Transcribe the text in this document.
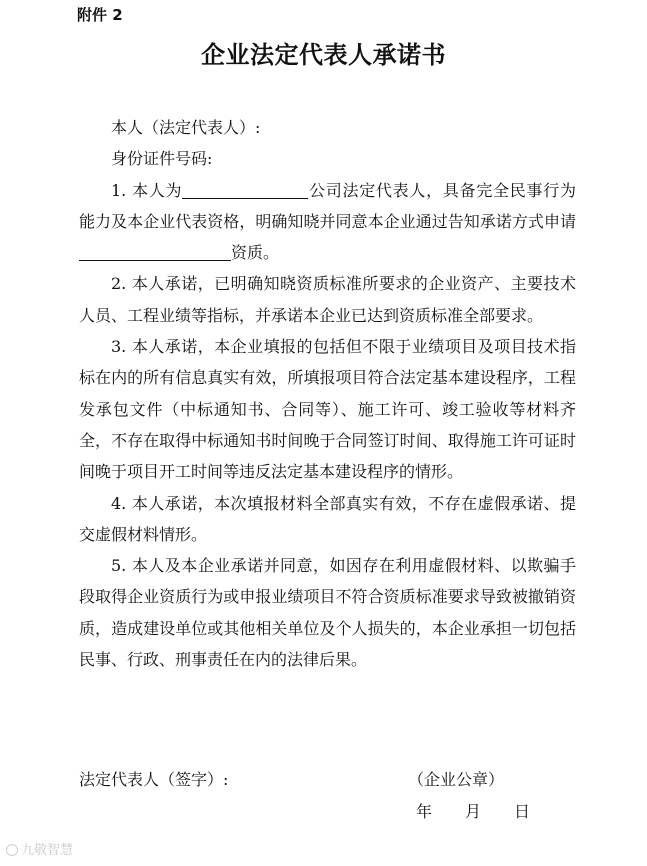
附件 2

企业法定代表人承诺书

本人（法定代表人）:

身份证件号码:

1. 本人为	公司法定代表人，具备完全民事行为能力及本企业代表资格，明确知晓并同意本企业通过告知承诺方式申请资质。

2. 本人承诺，已明确知晓资质标准所要求的企业资产、主要技术人员、工程业绩等指标，并承诺本企业已达到资质标准全部要求。

3. 本人承诺，本企业填报的包括但不限于业绩项目及项目技术指标在内的所有信息真实有效，所填报项目符合法定基本建设程序，工程发承包文件（中标通知书、合同等）、施工许可、竣工验收等材料齐全，不存在取得中标通知书时间晚于合同签订时间、取得施工许可证时间晚于项目开工时间等违反法定基本建设程序的情形。

4. 本人承诺，本次填报材料全部真实有效，不存在虚假承诺、提交虚假材料情形。

5. 本人及本企业承诺并同意，如因存在利用虚假材料、以欺骗手段取得企业资质行为或申报业绩项目不符合资质标准要求导致被撤销资质，造成建设单位或其他相关单位及个人损失的，本企业承担一切包括民事、行政、刑事责任在内的法律后果。

法定代表人（签字）:	（企业公章）

年 月 日

九敬智慧
